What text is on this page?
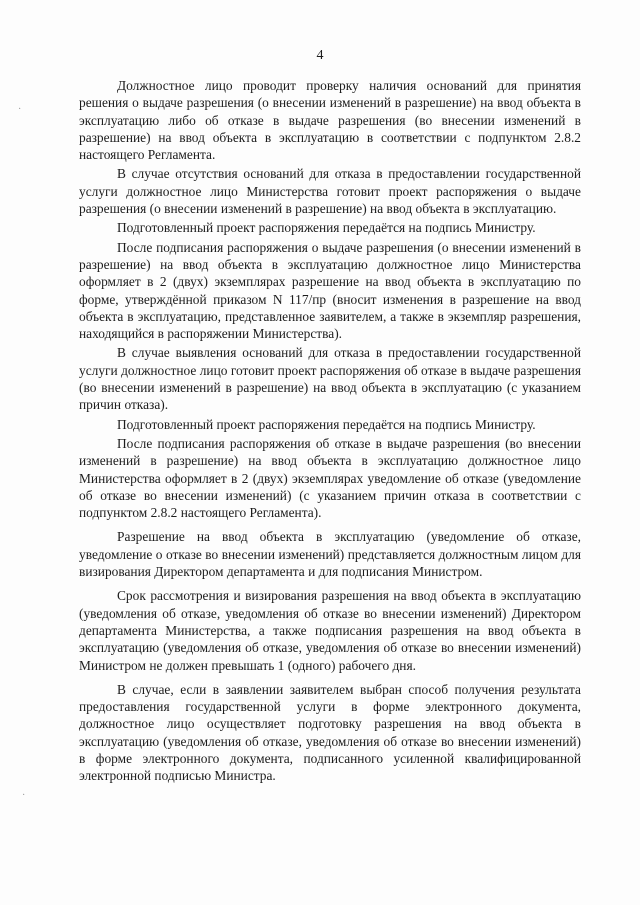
4
·
·

Должностное лицо проводит проверку наличия оснований для принятия решения о выдаче разрешения (о внесении изменений в разрешение) на ввод объекта в эксплуатацию либо об отказе в выдаче разрешения (во внесении изменений в разрешение) на ввод объекта в эксплуатацию в соответствии с подпунктом 2.8.2 настоящего Регламента.

В случае отсутствия оснований для отказа в предоставлении государственной услуги должностное лицо Министерства готовит проект распоряжения о выдаче разрешения (о внесении изменений в разрешение) на ввод объекта в эксплуатацию.

Подготовленный проект распоряжения передаётся на подпись Министру.

После подписания распоряжения о выдаче разрешения (о внесении изменений в разрешение) на ввод объекта в эксплуатацию должностное лицо Министерства оформляет в 2 (двух) экземплярах разрешение на ввод объекта в эксплуатацию по форме, утверждённой приказом N 117/пр (вносит изменения в разрешение на ввод объекта в эксплуатацию, представленное заявителем, а также в экземпляр разрешения, находящийся в распоряжении Министерства).

В случае выявления оснований для отказа в предоставлении государственной услуги должностное лицо готовит проект распоряжения об отказе в выдаче разрешения (во внесении изменений в разрешение) на ввод объекта в эксплуатацию (с указанием причин отказа).

Подготовленный проект распоряжения передаётся на подпись Министру.

После подписания распоряжения об отказе в выдаче разрешения (во внесении изменений в разрешение) на ввод объекта в эксплуатацию должностное лицо Министерства оформляет в 2 (двух) экземплярах уведомление об отказе (уведомление об отказе во внесении изменений) (с указанием причин отказа в соответствии с подпунктом 2.8.2 настоящего Регламента).

Разрешение на ввод объекта в эксплуатацию (уведомление об отказе, уведомление о отказе во внесении изменений) представляется должностным лицом для визирования Директором департамента и для подписания Министром.

Срок рассмотрения и визирования разрешения на ввод объекта в эксплуатацию (уведомления об отказе, уведомления об отказе во внесении изменений) Директором департамента Министерства, а также подписания разрешения на ввод объекта в эксплуатацию (уведомления об отказе, уведомления об отказе во внесении изменений) Министром не должен превышать 1 (одного) рабочего дня.

В случае, если в заявлении заявителем выбран способ получения результата предоставления государственной услуги в форме электронного документа, должностное лицо осуществляет подготовку разрешения на ввод объекта в эксплуатацию (уведомления об отказе, уведомления об отказе во внесении изменений) в форме электронного документа, подписанного усиленной квалифицированной электронной подписью Министра.
